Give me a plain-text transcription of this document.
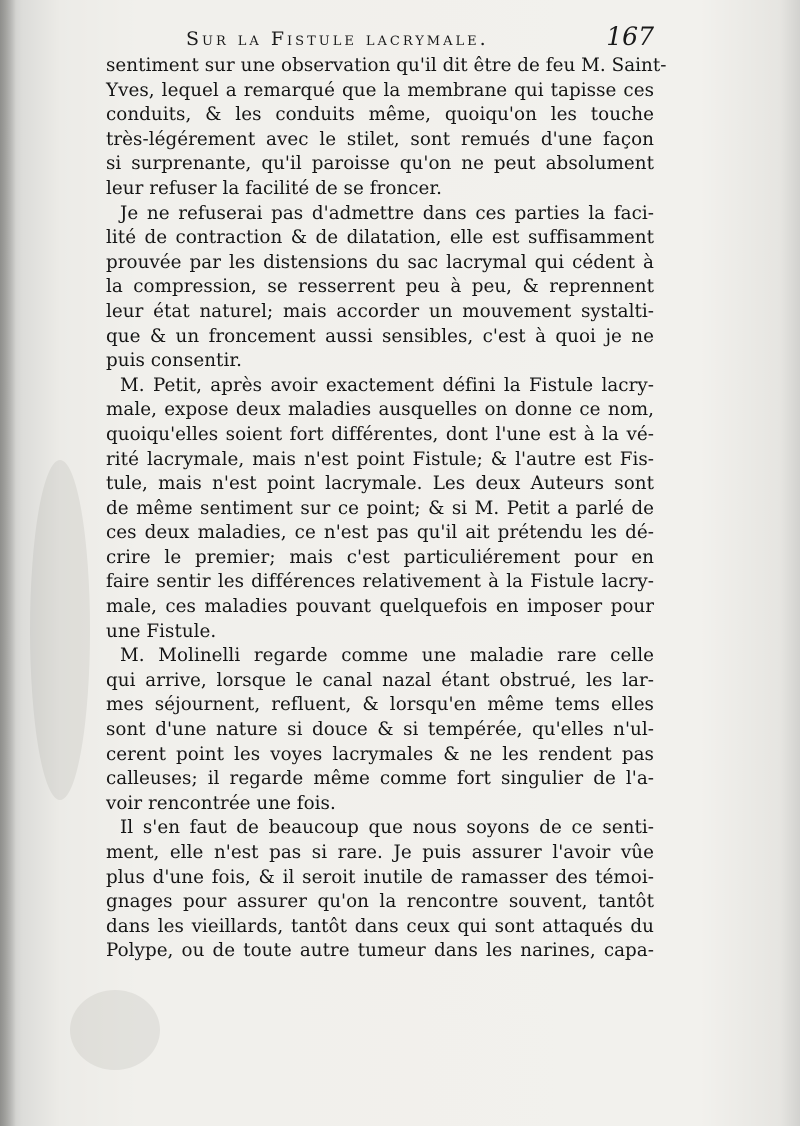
Sur la Fistule lacrymale.	167
sentiment sur une observation qu'il dit être de feu M. Saint-
Yves, lequel a remarqué que la membrane qui tapisse ces
conduits, & les conduits même, quoiqu'on les touche
très-légérement avec le stilet, sont remués d'une façon
si surprenante, qu'il paroisse qu'on ne peut absolument
leur refuser la facilité de se froncer.
Je ne refuserai pas d'admettre dans ces parties la faci-
lité de contraction & de dilatation, elle est suffisamment
prouvée par les distensions du sac lacrymal qui cédent à
la compression, se resserrent peu à peu, & reprennent
leur état naturel; mais accorder un mouvement systalti-
que & un froncement aussi sensibles, c'est à quoi je ne
puis consentir.
M. Petit, après avoir exactement défini la Fistule lacry-
male, expose deux maladies ausquelles on donne ce nom,
quoiqu'elles soient fort différentes, dont l'une est à la vé-
rité lacrymale, mais n'est point Fistule; & l'autre est Fis-
tule, mais n'est point lacrymale. Les deux Auteurs sont
de même sentiment sur ce point; & si M. Petit a parlé de
ces deux maladies, ce n'est pas qu'il ait prétendu les dé-
crire le premier; mais c'est particuliérement pour en
faire sentir les différences relativement à la Fistule lacry-
male, ces maladies pouvant quelquefois en imposer pour
une Fistule.
M. Molinelli regarde comme une maladie rare celle
qui arrive, lorsque le canal nazal étant obstrué, les lar-
mes séjournent, refluent, & lorsqu'en même tems elles
sont d'une nature si douce & si tempérée, qu'elles n'ul-
cerent point les voyes lacrymales & ne les rendent pas
calleuses; il regarde même comme fort singulier de l'a-
voir rencontrée une fois.
Il s'en faut de beaucoup que nous soyons de ce senti-
ment, elle n'est pas si rare. Je puis assurer l'avoir vûe
plus d'une fois, & il seroit inutile de ramasser des témoi-
gnages pour assurer qu'on la rencontre souvent, tantôt
dans les vieillards, tantôt dans ceux qui sont attaqués du
Polype, ou de toute autre tumeur dans les narines, capa-
